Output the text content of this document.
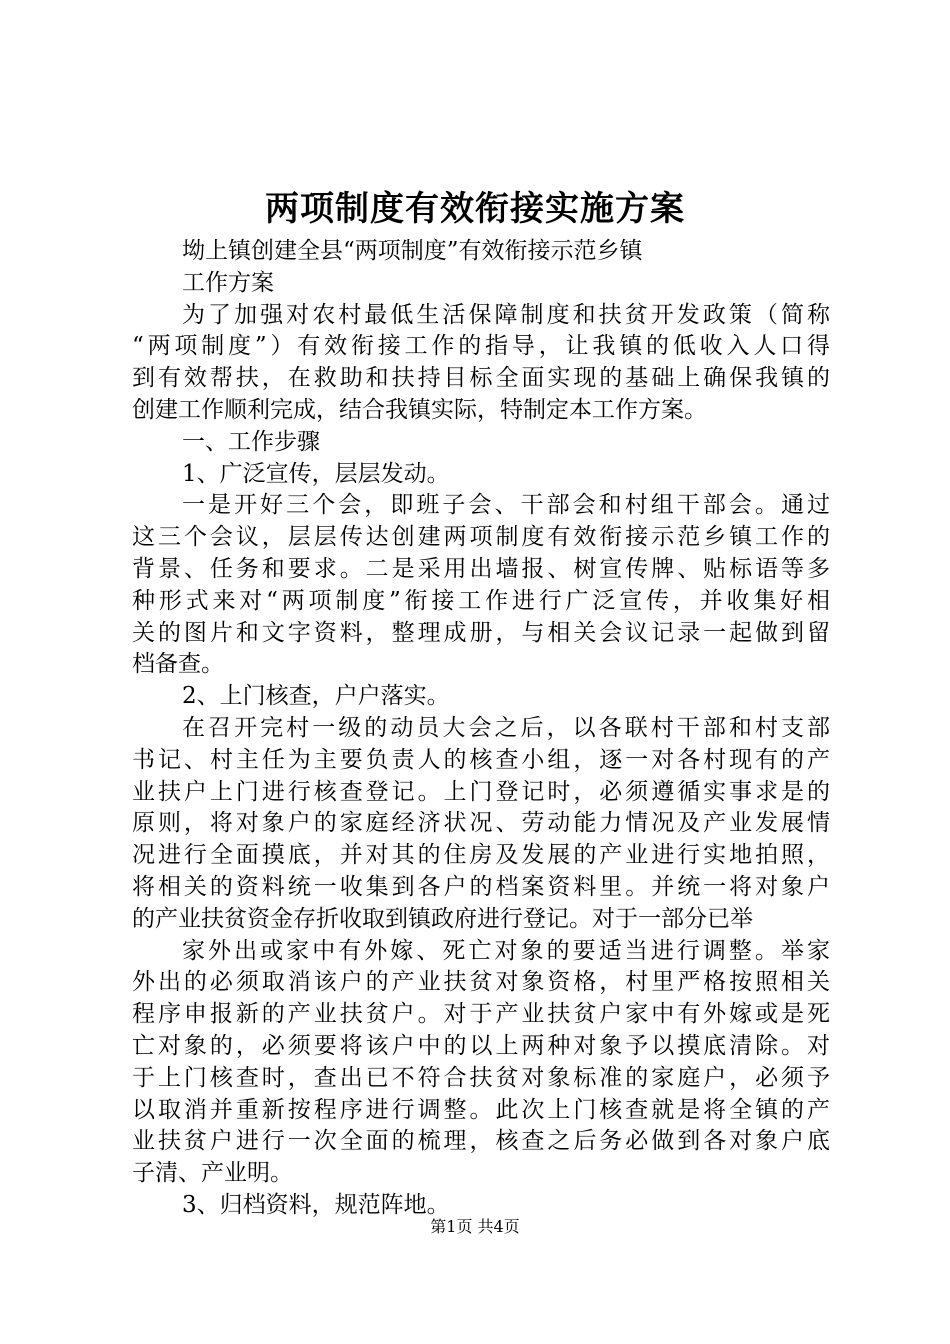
两项制度有效衔接实施方案

坳上镇创建全县“两项制度”有效衔接示范乡镇

工作方案

为了加强对农村最低生活保障制度和扶贫开发政策（简称

“两项制度”）有效衔接工作的指导，让我镇的低收入人口得

到有效帮扶，在救助和扶持目标全面实现的基础上确保我镇的

创建工作顺利完成，结合我镇实际，特制定本工作方案。

一、工作步骤

1、广泛宣传，层层发动。

一是开好三个会，即班子会、干部会和村组干部会。通过

这三个会议，层层传达创建两项制度有效衔接示范乡镇工作的

背景、任务和要求。二是采用出墙报、树宣传牌、贴标语等多

种形式来对“两项制度”衔接工作进行广泛宣传，并收集好相

关的图片和文字资料，整理成册，与相关会议记录一起做到留

档备查。

2、上门核查，户户落实。

在召开完村一级的动员大会之后，以各联村干部和村支部

书记、村主任为主要负责人的核查小组，逐一对各村现有的产

业扶户上门进行核查登记。上门登记时，必须遵循实事求是的

原则，将对象户的家庭经济状况、劳动能力情况及产业发展情

况进行全面摸底，并对其的住房及发展的产业进行实地拍照，

将相关的资料统一收集到各户的档案资料里。并统一将对象户

的产业扶贫资金存折收取到镇政府进行登记。对于一部分已举

家外出或家中有外嫁、死亡对象的要适当进行调整。举家

外出的必须取消该户的产业扶贫对象资格，村里严格按照相关

程序申报新的产业扶贫户。对于产业扶贫户家中有外嫁或是死

亡对象的，必须要将该户中的以上两种对象予以摸底清除。对

于上门核查时，查出已不符合扶贫对象标准的家庭户，必须予

以取消并重新按程序进行调整。此次上门核查就是将全镇的产

业扶贫户进行一次全面的梳理，核查之后务必做到各对象户底

子清、产业明。

3、归档资料，规范阵地。

第1页 共4页
